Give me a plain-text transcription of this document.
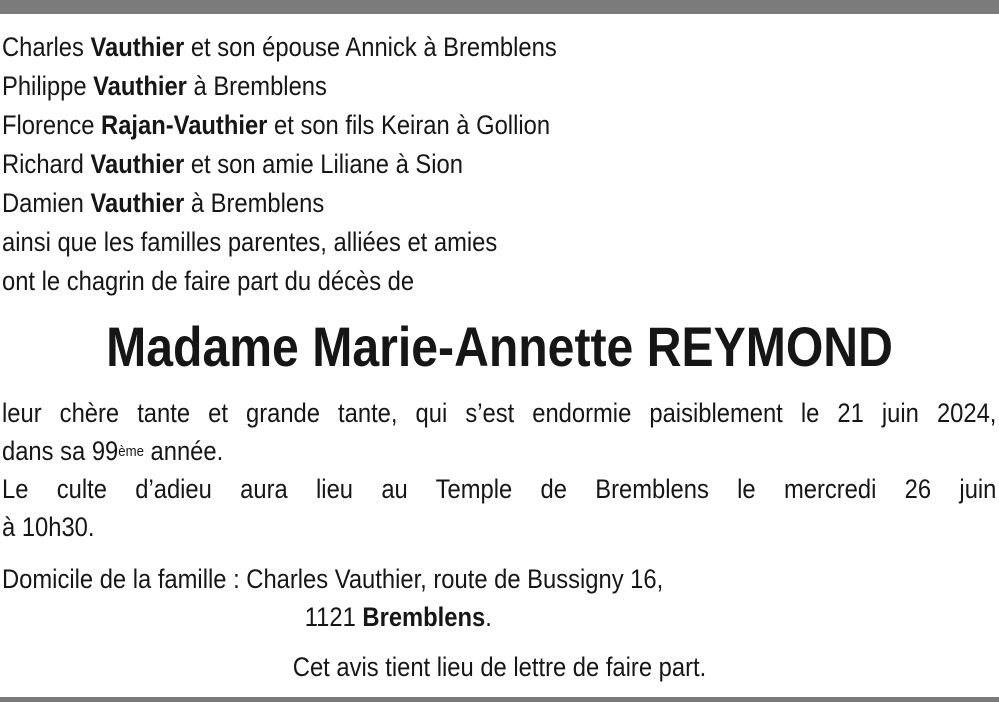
Charles Vauthier et son épouse Annick à Bremblens
Philippe Vauthier à Bremblens
Florence Rajan-Vauthier et son fils Keiran à Gollion
Richard Vauthier et son amie Liliane à Sion
Damien Vauthier à Bremblens
ainsi que les familles parentes, alliées et amies
ont le chagrin de faire part du décès de
Madame Marie-Annette REYMOND
leur chère tante et grande tante, qui s’est endormie paisiblement le 21 juin 2024,
dans sa 99ème année.
Le culte d’adieu aura lieu au Temple de Bremblens le mercredi 26 juin
à 10h30.
Domicile de la famille : Charles Vauthier, route de Bussigny 16,
1121 Bremblens.
Cet avis tient lieu de lettre de faire part.
